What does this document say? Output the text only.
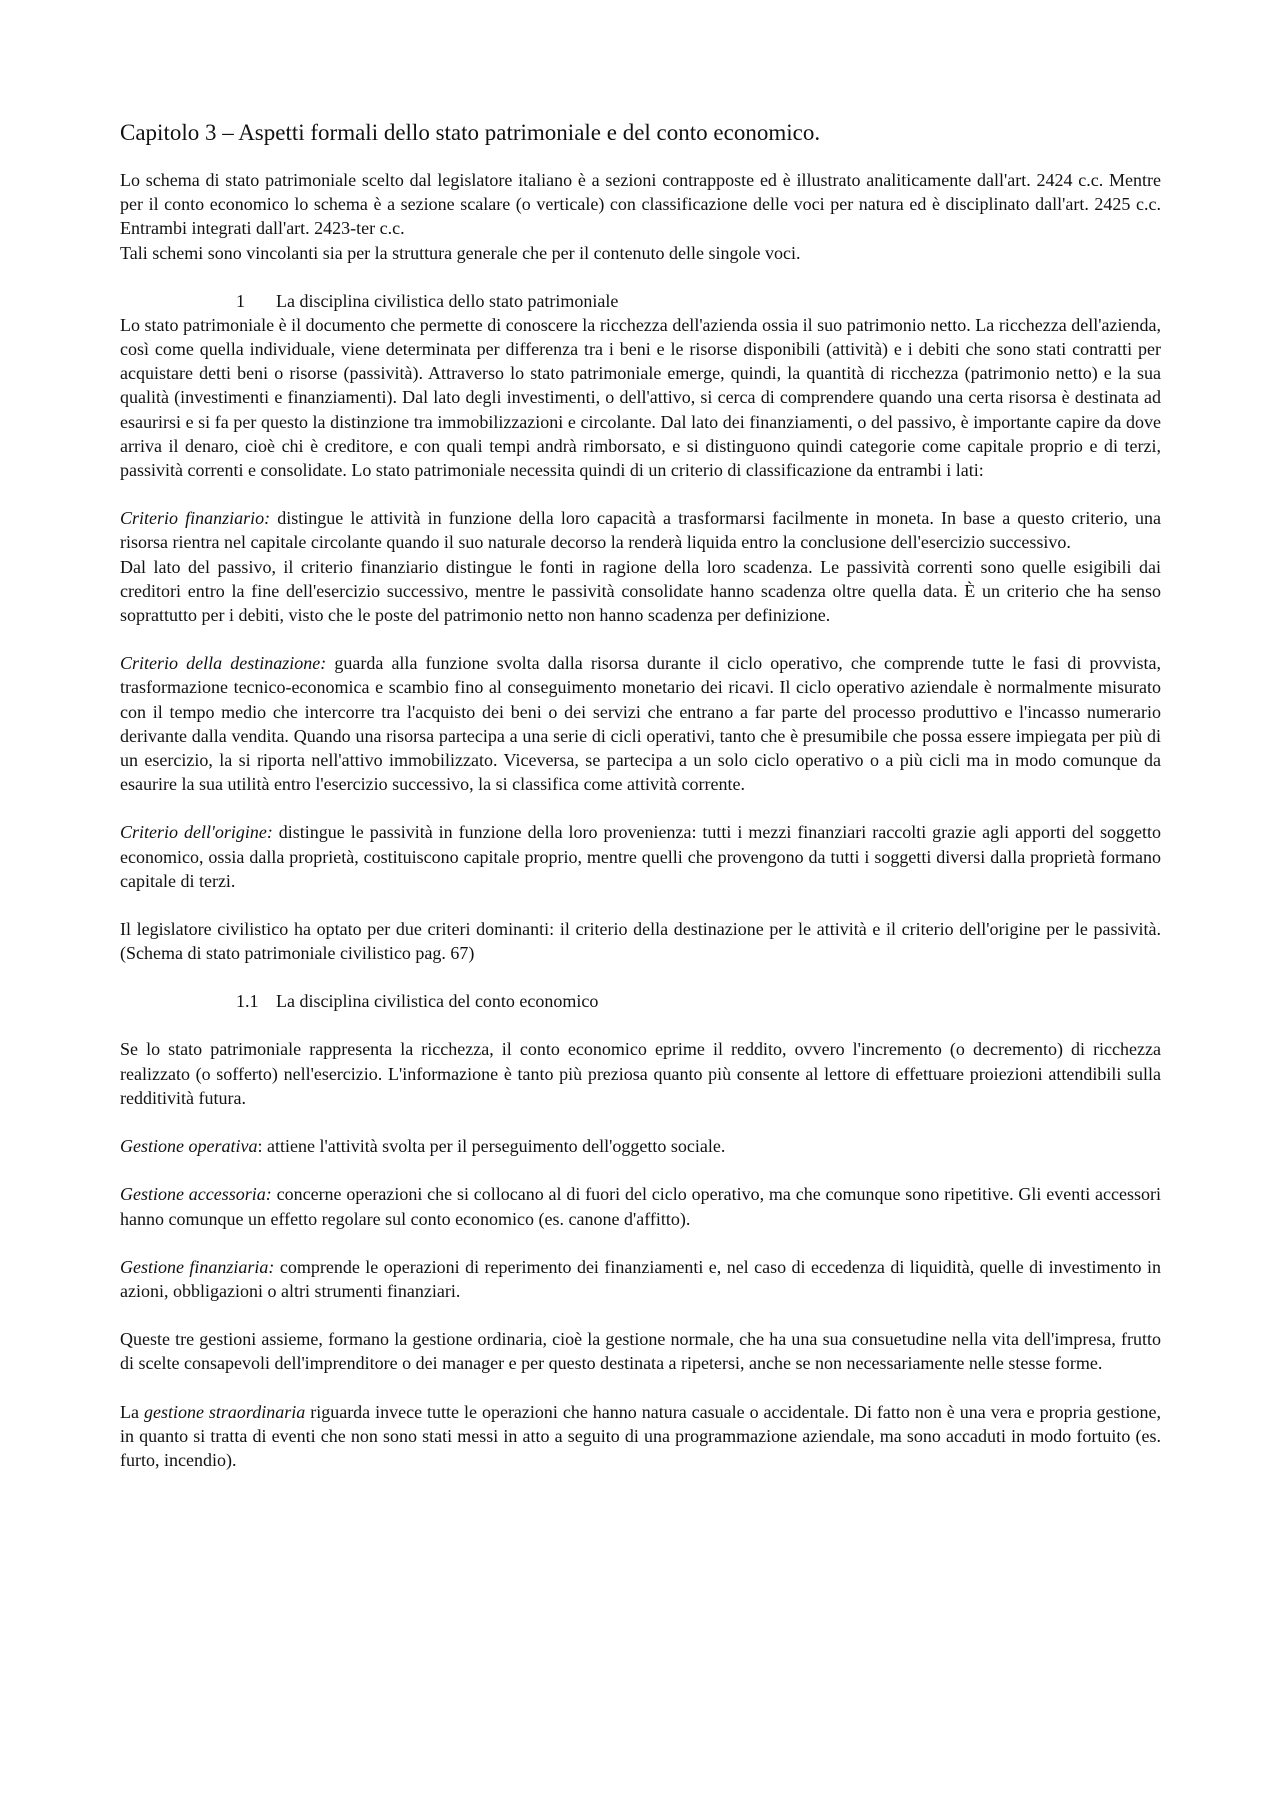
Capitolo 3 – Aspetti formali dello stato patrimoniale e del conto economico.

Lo schema di stato patrimoniale scelto dal legislatore italiano è a sezioni contrapposte ed è illustrato analiticamente dall'art. 2424 c.c. Mentre per il conto economico lo schema è a sezione scalare (o verticale) con classificazione delle voci per natura ed è disciplinato dall'art. 2425 c.c. Entrambi integrati dall'art. 2423-ter c.c.

Tali schemi sono vincolanti sia per la struttura generale che per il contenuto delle singole voci.

1 La disciplina civilistica dello stato patrimoniale

Lo stato patrimoniale è il documento che permette di conoscere la ricchezza dell'azienda ossia il suo patrimonio netto. La ricchezza dell'azienda, così come quella individuale, viene determinata per differenza tra i beni e le risorse disponibili (attività) e i debiti che sono stati contratti per acquistare detti beni o risorse (passività). Attraverso lo stato patrimoniale emerge, quindi, la quantità di ricchezza (patrimonio netto) e la sua qualità (investimenti e finanziamenti). Dal lato degli investimenti, o dell'attivo, si cerca di comprendere quando una certa risorsa è destinata ad esaurirsi e si fa per questo la distinzione tra immobilizzazioni e circolante. Dal lato dei finanziamenti, o del passivo, è importante capire da dove arriva il denaro, cioè chi è creditore, e con quali tempi andrà rimborsato, e si distinguono quindi categorie come capitale proprio e di terzi, passività correnti e consolidate. Lo stato patrimoniale necessita quindi di un criterio di classificazione da entrambi i lati:

Criterio finanziario: distingue le attività in funzione della loro capacità a trasformarsi facilmente in moneta. In base a questo criterio, una risorsa rientra nel capitale circolante quando il suo naturale decorso la renderà liquida entro la conclusione dell'esercizio successivo.

Dal lato del passivo, il criterio finanziario distingue le fonti in ragione della loro scadenza. Le passività correnti sono quelle esigibili dai creditori entro la fine dell'esercizio successivo, mentre le passività consolidate hanno scadenza oltre quella data. È un criterio che ha senso soprattutto per i debiti, visto che le poste del patrimonio netto non hanno scadenza per definizione.

Criterio della destinazione: guarda alla funzione svolta dalla risorsa durante il ciclo operativo, che comprende tutte le fasi di provvista, trasformazione tecnico-economica e scambio fino al conseguimento monetario dei ricavi. Il ciclo operativo aziendale è normalmente misurato con il tempo medio che intercorre tra l'acquisto dei beni o dei servizi che entrano a far parte del processo produttivo e l'incasso numerario derivante dalla vendita. Quando una risorsa partecipa a una serie di cicli operativi, tanto che è presumibile che possa essere impiegata per più di un esercizio, la si riporta nell'attivo immobilizzato. Viceversa, se partecipa a un solo ciclo operativo o a più cicli ma in modo comunque da esaurire la sua utilità entro l'esercizio successivo, la si classifica come attività corrente.

Criterio dell'origine: distingue le passività in funzione della loro provenienza: tutti i mezzi finanziari raccolti grazie agli apporti del soggetto economico, ossia dalla proprietà, costituiscono capitale proprio, mentre quelli che provengono da tutti i soggetti diversi dalla proprietà formano capitale di terzi.

Il legislatore civilistico ha optato per due criteri dominanti: il criterio della destinazione per le attività e il criterio dell'origine per le passività. (Schema di stato patrimoniale civilistico pag. 67)

1.1 La disciplina civilistica del conto economico

Se lo stato patrimoniale rappresenta la ricchezza, il conto economico eprime il reddito, ovvero l'incremento (o decremento) di ricchezza realizzato (o sofferto) nell'esercizio. L'informazione è tanto più preziosa quanto più consente al lettore di effettuare proiezioni attendibili sulla redditività futura.

Gestione operativa: attiene l'attività svolta per il perseguimento dell'oggetto sociale.

Gestione accessoria: concerne operazioni che si collocano al di fuori del ciclo operativo, ma che comunque sono ripetitive. Gli eventi accessori hanno comunque un effetto regolare sul conto economico (es. canone d'affitto).

Gestione finanziaria: comprende le operazioni di reperimento dei finanziamenti e, nel caso di eccedenza di liquidità, quelle di investimento in azioni, obbligazioni o altri strumenti finanziari.

Queste tre gestioni assieme, formano la gestione ordinaria, cioè la gestione normale, che ha una sua consuetudine nella vita dell'impresa, frutto di scelte consapevoli dell'imprenditore o dei manager e per questo destinata a ripetersi, anche se non necessariamente nelle stesse forme.

La gestione straordinaria riguarda invece tutte le operazioni che hanno natura casuale o accidentale. Di fatto non è una vera e propria gestione, in quanto si tratta di eventi che non sono stati messi in atto a seguito di una programmazione aziendale, ma sono accaduti in modo fortuito (es. furto, incendio).
